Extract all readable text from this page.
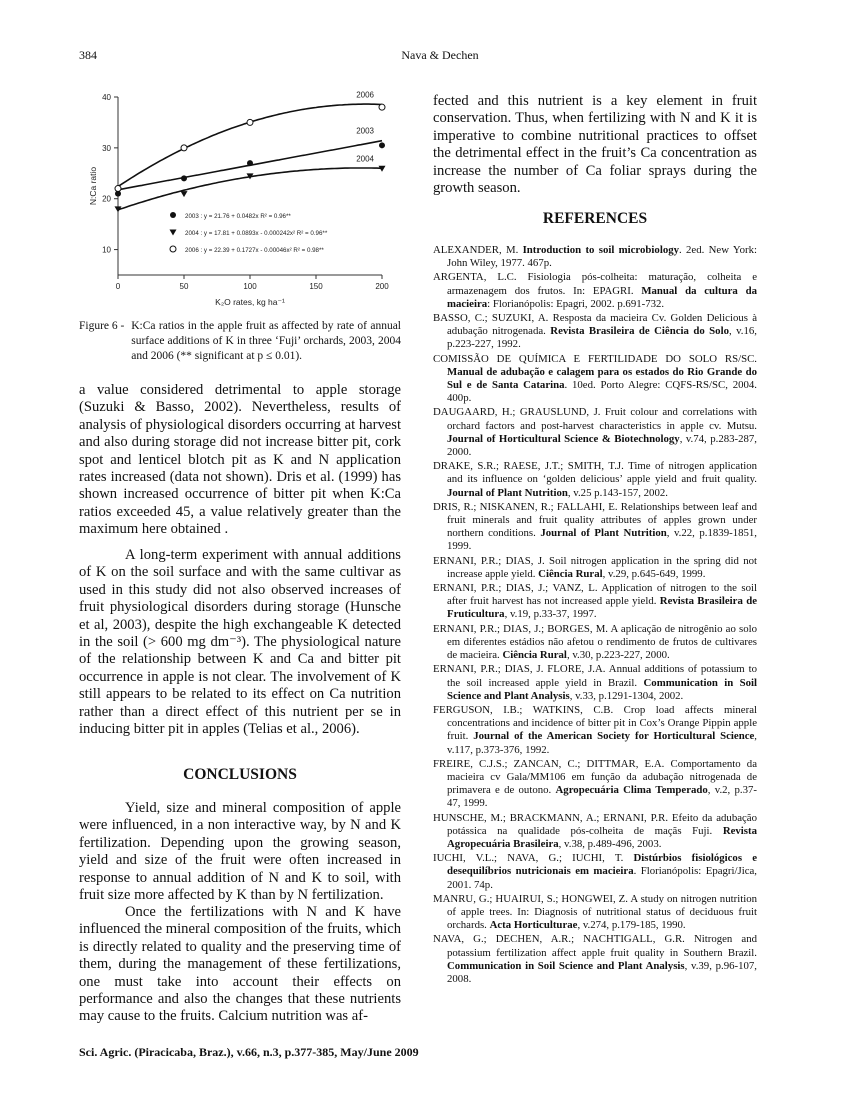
384	Nava & Dechen
10
20
30
40
0	50	100	150	200
K₂O rates, kg ha⁻¹
N:Ca ratio
2003
2004
2006
2003 : y = 21.76 + 0.0482x R² = 0.96**
2004 : y = 17.81 + 0.0893x - 0.000242x² R² = 0.96**
2006 : y = 22.39 + 0.1727x - 0.00046x² R² = 0.98**
Figure 6 - K:Ca ratios in the apple fruit as affected by rate of annual surface additions of K in three ‘Fuji’ orchards, 2003, 2004 and 2006 (** significant at p ≤ 0.01).
a value considered detrimental to apple storage (Suzuki & Basso, 2002). Nevertheless, results of analysis of physiological disorders occurring at harvest and also during storage did not increase bitter pit, cork spot and lenticel blotch pit as K and N application rates increased (data not shown). Dris et al. (1999) has shown increased occurrence of bitter pit when K:Ca ratios exceeded 45, a value relatively greater than the maximum here obtained .
A long-term experiment with annual additions of K on the soil surface and with the same cultivar as used in this study did not also observed increases of fruit physiological disorders during storage (Hunsche et al, 2003), despite the high exchangeable K detected in the soil (> 600 mg dm⁻³). The physiological nature of the relationship between K and Ca and bitter pit occurrence in apple is not clear. The involvement of K still appears to be related to its effect on Ca nutrition rather than a direct effect of this nutrient per se in inducing bitter pit in apples (Telias et al., 2006).
CONCLUSIONS
Yield, size and mineral composition of apple were influenced, in a non interactive way, by N and K fertilization. Depending upon the growing season, yield and size of the fruit were often increased in response to annual addition of N and K to soil, with fruit size more affected by K than by N fertilization.
Once the fertilizations with N and K have influenced the mineral composition of the fruits, which is directly related to quality and the preserving time of them, during the management of these fertilizations, one must take into account their effects on performance and also the changes that these nutrients may cause to the fruits. Calcium nutrition was af-
fected and this nutrient is a key element in fruit conservation. Thus, when fertilizing with N and K it is imperative to combine nutritional practices to offset the detrimental effect in the fruit’s Ca concentration as increase the number of Ca foliar sprays during the growth season.
REFERENCES
ALEXANDER, M. Introduction to soil microbiology. 2ed. New York: John Wiley, 1977. 467p.
ARGENTA, L.C. Fisiologia pós-colheita: maturação, colheita e armazenagem dos frutos. In: EPAGRI. Manual da cultura da macieira: Florianópolis: Epagri, 2002. p.691-732.
BASSO, C.; SUZUKI, A. Resposta da macieira Cv. Golden Delicious à adubação nitrogenada. Revista Brasileira de Ciência do Solo, v.16, p.223-227, 1992.
COMISSÃO DE QUÍMICA E FERTILIDADE DO SOLO RS/SC. Manual de adubação e calagem para os estados do Rio Grande do Sul e de Santa Catarina. 10ed. Porto Alegre: CQFS-RS/SC, 2004. 400p.
DAUGAARD, H.; GRAUSLUND, J. Fruit colour and correlations with orchard factors and post-harvest characteristics in apple cv. Mutsu. Journal of Horticultural Science & Biotechnology, v.74, p.283-287, 2000.
DRAKE, S.R.; RAESE, J.T.; SMITH, T.J. Time of nitrogen application and its influence on ‘golden delicious’ apple yield and fruit quality. Journal of Plant Nutrition, v.25 p.143-157, 2002.
DRIS, R.; NISKANEN, R.; FALLAHI, E. Relationships between leaf and fruit minerals and fruit quality attributes of apples grown under northern conditions. Journal of Plant Nutrition, v.22, p.1839-1851, 1999.
ERNANI, P.R.; DIAS, J. Soil nitrogen application in the spring did not increase apple yield. Ciência Rural, v.29, p.645-649, 1999.
ERNANI, P.R.; DIAS, J.; VANZ, L. Application of nitrogen to the soil after fruit harvest has not increased apple yield. Revista Brasileira de Fruticultura, v.19, p.33-37, 1997.
ERNANI, P.R.; DIAS, J.; BORGES, M. A aplicação de nitrogênio ao solo em diferentes estádios não afetou o rendimento de frutos de cultivares de macieira. Ciência Rural, v.30, p.223-227, 2000.
ERNANI, P.R.; DIAS, J. FLORE, J.A. Annual additions of potassium to the soil increased apple yield in Brazil. Communication in Soil Science and Plant Analysis, v.33, p.1291-1304, 2002.
FERGUSON, I.B.; WATKINS, C.B. Crop load affects mineral concentrations and incidence of bitter pit in Cox’s Orange Pippin apple fruit. Journal of the American Society for Horticultural Science, v.117, p.373-376, 1992.
FREIRE, C.J.S.; ZANCAN, C.; DITTMAR, E.A. Comportamento da macieira cv Gala/MM106 em função da adubação nitrogenada de primavera e de outono. Agropecuária Clima Temperado, v.2, p.37-47, 1999.
HUNSCHE, M.; BRACKMANN, A.; ERNANI, P.R. Efeito da adubação potássica na qualidade pós-colheita de maçãs Fuji. Revista Agropecuária Brasileira, v.38, p.489-496, 2003.
IUCHI, V.L.; NAVA, G.; IUCHI, T. Distúrbios fisiológicos e desequilíbrios nutricionais em macieira. Florianópolis: Epagri/Jica, 2001. 74p.
MANRU, G.; HUAIRUI, S.; HONGWEI, Z. A study on nitrogen nutrition of apple trees. In: Diagnosis of nutritional status of deciduous fruit orchards. Acta Horticulturae, v.274, p.179-185, 1990.
NAVA, G.; DECHEN, A.R.; NACHTIGALL, G.R. Nitrogen and potassium fertilization affect apple fruit quality in Southern Brazil. Communication in Soil Science and Plant Analysis, v.39, p.96-107, 2008.
Sci. Agric. (Piracicaba, Braz.), v.66, n.3, p.377-385, May/June 2009
